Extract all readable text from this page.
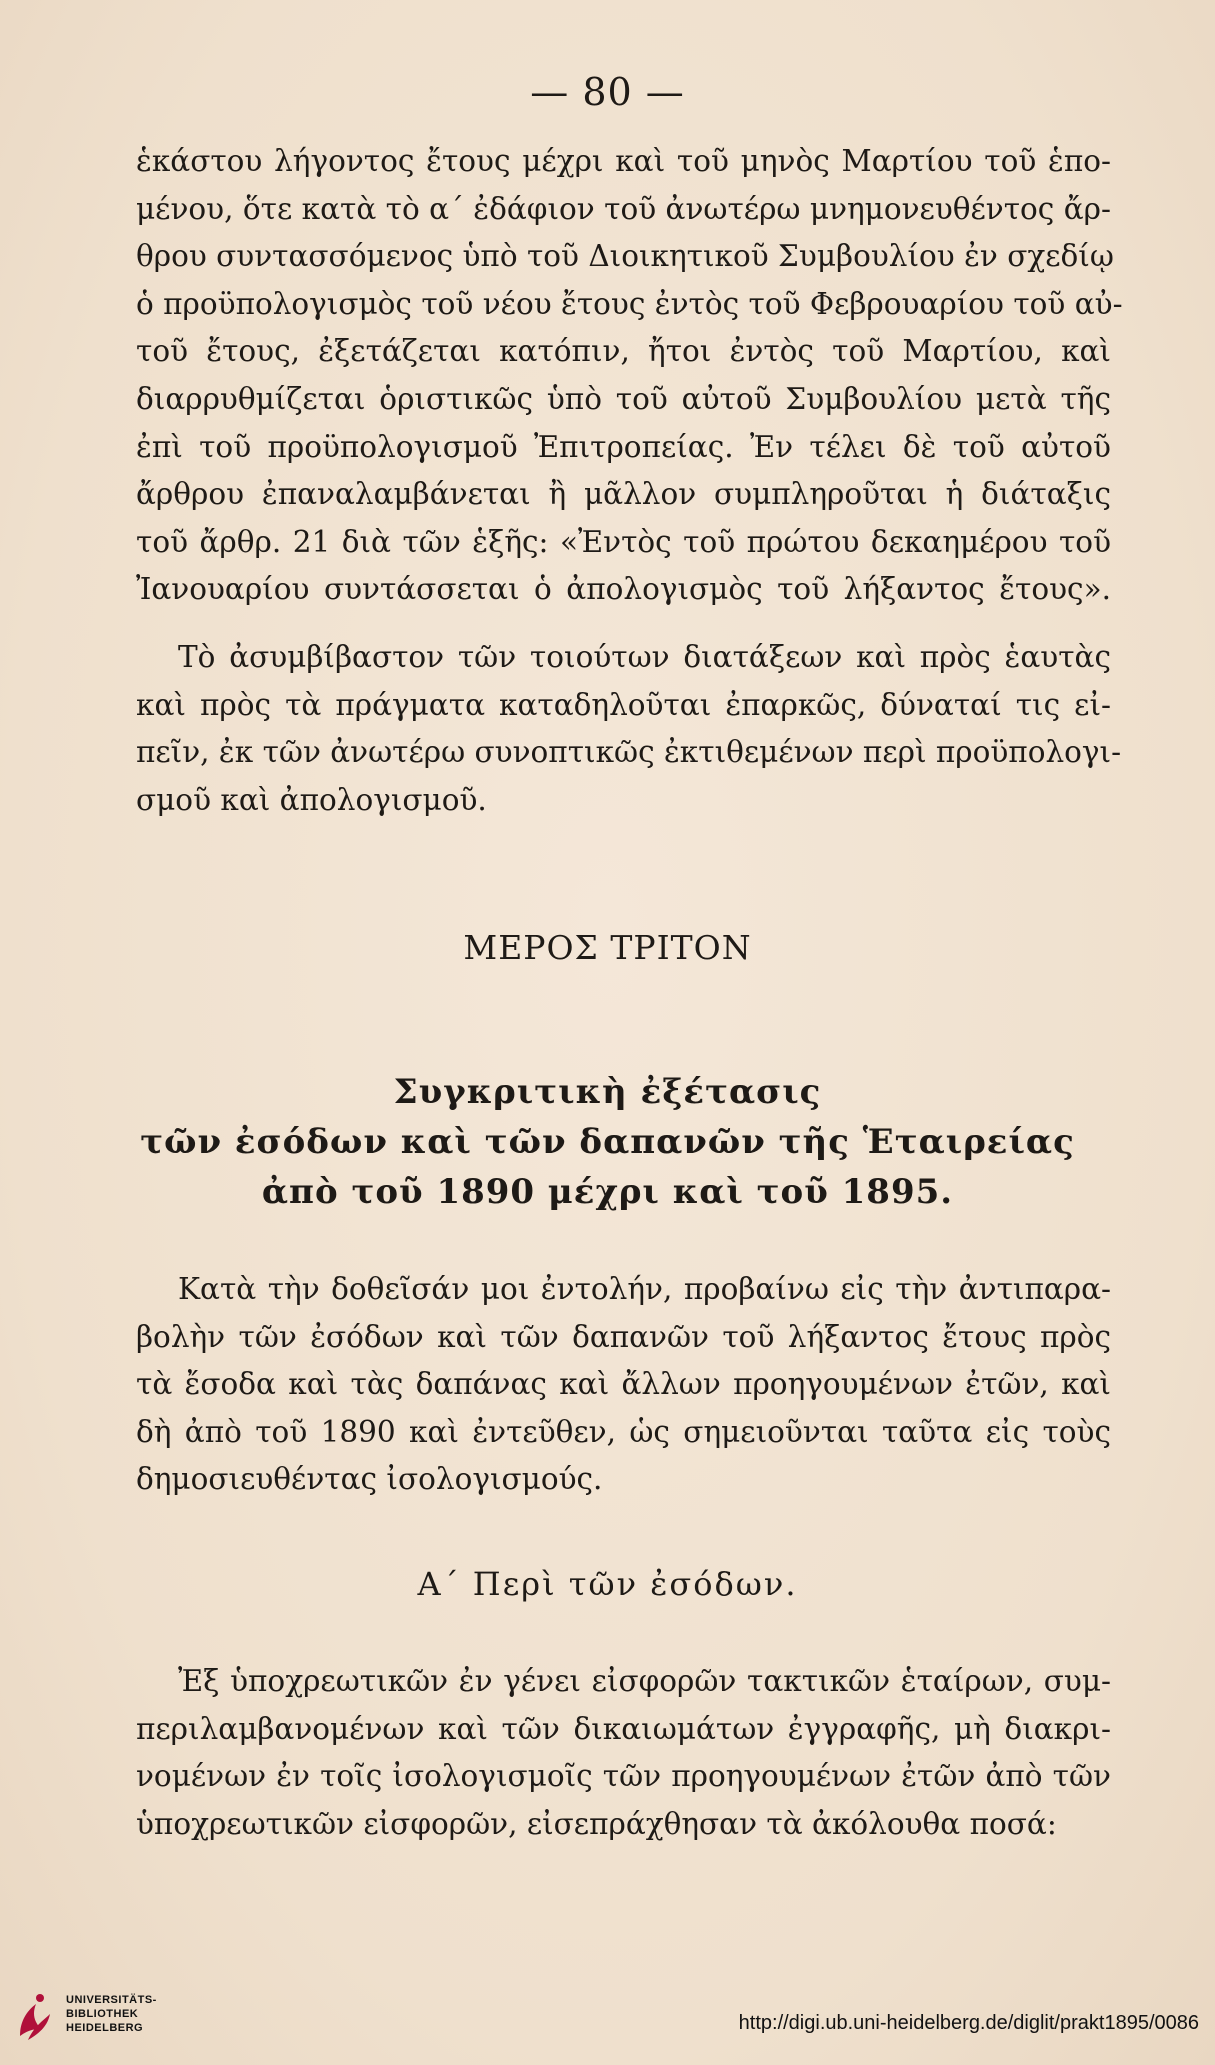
— 80 —

ἑκάστου λήγοντος ἔτους μέχρι καὶ τοῦ μηνὸς Μαρτίου τοῦ ἑπο-
μένου, ὅτε κατὰ τὸ α΄ ἐδάφιον τοῦ ἀνωτέρω μνημονευθέντος ἄρ-
θρου συντασσόμενος ὑπὸ τοῦ Διοικητικοῦ Συμβουλίου ἐν σχεδίῳ
ὁ προϋπολογισμὸς τοῦ νέου ἔτους ἐντὸς τοῦ Φεβρουαρίου τοῦ αὐ-
τοῦ ἔτους, ἐξετάζεται κατόπιν, ἤτοι ἐντὸς τοῦ Μαρτίου, καὶ
διαρρυθμίζεται ὁριστικῶς ὑπὸ τοῦ αὐτοῦ Συμβουλίου μετὰ τῆς
ἐπὶ τοῦ προϋπολογισμοῦ Ἐπιτροπείας. Ἐν τέλει δὲ τοῦ αὐτοῦ
ἄρθρου ἐπαναλαμβάνεται ἢ μᾶλλον συμπληροῦται ἡ διάταξις
τοῦ ἄρθρ. 21 διὰ τῶν ἑξῆς: «Ἐντὸς τοῦ πρώτου δεκαημέρου τοῦ
Ἰανουαρίου συντάσσεται ὁ ἀπολογισμὸς τοῦ λήξαντος ἔτους».

Τὸ ἀσυμβίβαστον τῶν τοιούτων διατάξεων καὶ πρὸς ἑαυτὰς
καὶ πρὸς τὰ πράγματα καταδηλοῦται ἐπαρκῶς, δύναταί τις εἰ-
πεῖν, ἐκ τῶν ἀνωτέρω συνοπτικῶς ἐκτιθεμένων περὶ προϋπολογι-
σμοῦ καὶ ἀπολογισμοῦ.

ΜΕΡΟΣ ΤΡΙΤΟΝ
Συγκριτικὴ ἐξέτασις
τῶν ἐσόδων καὶ τῶν δαπανῶν τῆς Ἑταιρείας
ἀπὸ τοῦ 1890 μέχρι καὶ τοῦ 1895.

Κατὰ τὴν δοθεῖσάν μοι ἐντολήν, προβαίνω εἰς τὴν ἀντιπαρα-
βολὴν τῶν ἐσόδων καὶ τῶν δαπανῶν τοῦ λήξαντος ἔτους πρὸς
τὰ ἔσοδα καὶ τὰς δαπάνας καὶ ἄλλων προηγουμένων ἐτῶν, καὶ
δὴ ἀπὸ τοῦ 1890 καὶ ἐντεῦθεν, ὡς σημειοῦνται ταῦτα εἰς τοὺς
δημοσιευθέντας ἰσολογισμούς.

Α΄ Περὶ τῶν ἐσόδων.

Ἐξ ὑποχρεωτικῶν ἐν γένει εἰσφορῶν τακτικῶν ἑταίρων, συμ-
περιλαμβανομένων καὶ τῶν δικαιωμάτων ἐγγραφῆς, μὴ διακρι-
νομένων ἐν τοῖς ἰσολογισμοῖς τῶν προηγουμένων ἐτῶν ἀπὸ τῶν
ὑποχρεωτικῶν εἰσφορῶν, εἰσεπράχθησαν τὰ ἀκόλουθα ποσά:

UNIVERSITÄTS-
BIBLIOTHEK
HEIDELBERG	http://digi.ub.uni-heidelberg.de/diglit/prakt1895/0086
